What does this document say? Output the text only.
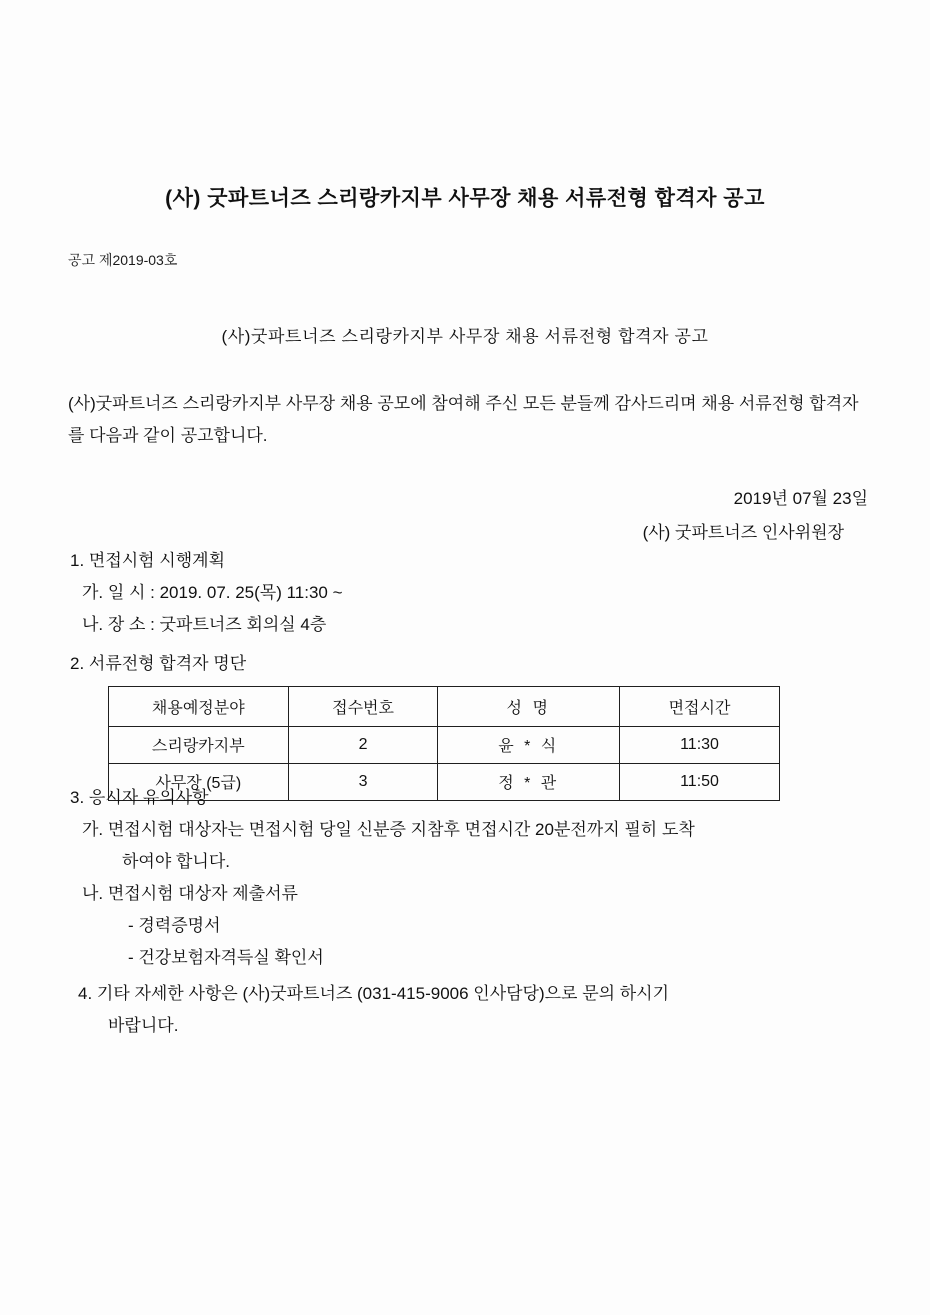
(사) 굿파트너즈 스리랑카지부 사무장 채용 서류전형 합격자 공고
공고 제2019-03호
(사)굿파트너즈 스리랑카지부 사무장 채용 서류전형 합격자 공고
(사)굿파트너즈 스리랑카지부 사무장 채용 공모에 참여해 주신 모든 분들께 감사드리며 채용 서류전형 합격자를 다음과 같이 공고합니다.
2019년 07월 23일
(사) 굿파트너즈 인사위원장
1. 면접시험 시행계획
가. 일 시 : 2019. 07. 25(목) 11:30 ~
나. 장 소 : 굿파트너즈 회의실 4층
2. 서류전형 합격자 명단
채용예정분야	접수번호	성 명	면접시간
스리랑카지부	2	윤 * 식	11:30
사무장 (5급)	3	정 * 관	11:50
3. 응시자 유의사항
가. 면접시험 대상자는 면접시험 당일 신분증 지참후 면접시간 20분전까지 필히 도착
하여야 합니다.
나. 면접시험 대상자 제출서류
- 경력증명서
- 건강보험자격득실 확인서
4. 기타 자세한 사항은 (사)굿파트너즈 (031-415-9006 인사담당)으로 문의 하시기
바랍니다.
